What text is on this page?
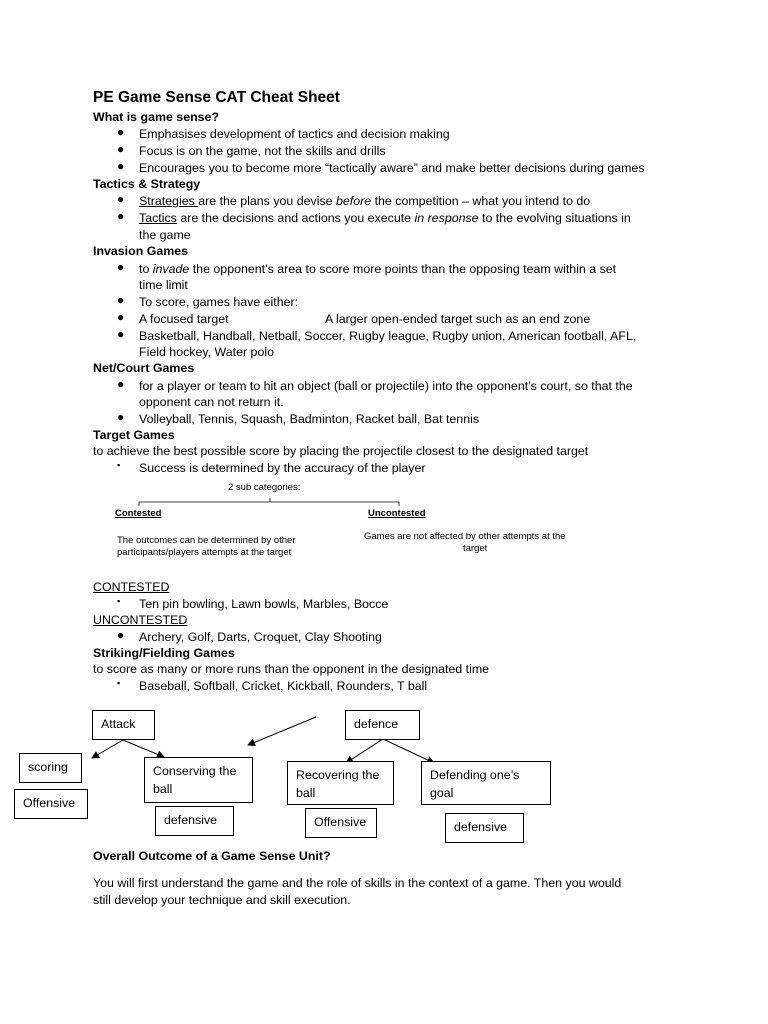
PE Game Sense CAT Cheat Sheet
What is game sense?
● Emphasises development of tactics and decision making
● Focus is on the game, not the skills and drills
● Encourages you to become more “tactically aware” and make better decisions during games
Tactics & Strategy
● Strategies are the plans you devise before the competition – what you intend to do
● Tactics are the decisions and actions you execute in response to the evolving situations in
the game
Invasion Games
● to invade the opponent’s area to score more points than the opposing team within a set
time limit
● To score, games have either:
● A focused target	A larger open-ended target such as an end zone
● Basketball, Handball, Netball, Soccer, Rugby league, Rugby union, American football, AFL,
Field hockey, Water polo
Net/Court Games
● for a player or team to hit an object (ball or projectile) into the opponent’s court, so that the
opponent can not return it.
● Volleyball, Tennis, Squash, Badminton, Racket ball, Bat tennis
Target Games
to achieve the best possible score by placing the projectile closest to the designated target
▪ Success is determined by the accuracy of the player
2 sub categories:
Contested	Uncontested
The outcomes can be determined by other
participants/players attempts at the target
Games are not affected by other attempts at the
target
CONTESTED
▪ Ten pin bowling, Lawn bowls, Marbles, Bocce
UNCONTESTED
● Archery, Golf, Darts, Croquet, Clay Shooting
Striking/Fielding Games
to score as many or more runs than the opponent in the designated time
▪ Baseball, Softball, Cricket, Kickball, Rounders, T ball
Attack	defence
scoring
Offensive
Conserving the
ball
defensive
Recovering the
ball
Offensive
Defending one’s
goal
defensive
Overall Outcome of a Game Sense Unit?
You will first understand the game and the role of skills in the context of a game. Then you would
still develop your technique and skill execution.
